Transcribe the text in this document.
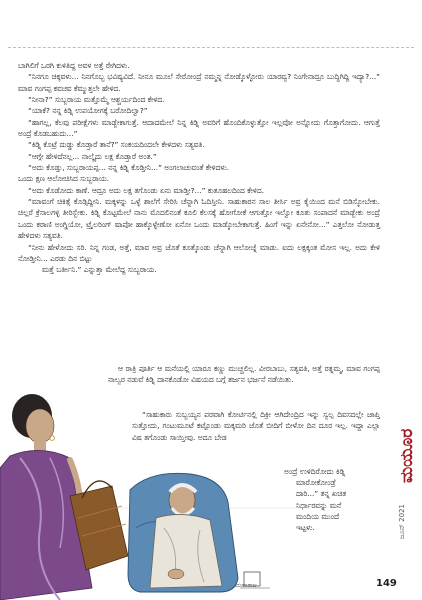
ಬಾಗಿಲಿಗೆ ಒರಗಿ ಕುಳಿತಿದ್ದ ಅವಳ ಅತ್ತೆ ರೇಗಿದಳು.

“ನಿನಗೂ ಚಿಕ್ಕವಳು... ನಿನಗೊಬ್ಬ ಭವಿಷ್ಯವಿದೆ. ನೀನೂ ಮೂಲೆ ಸೇರೋಂದ್ರೆ ನಮ್ಮನ್ನ ನೋಡ್ಕೊಳ್ಳೋರು ಯಾರವ್ವ? ನಿಂಗೇನಾದ್ರೂ ಬುದ್ಧಿಗಿದ್ದಿ ಇದ್ಯಾ?...” ಮಾವ ಗಂಗಪ್ಪ ಕವಚವ ಕೆಮ್ಮುತ್ತಲೇ ಹೇಳಿದ.

“ನೀನಾ?” ಸುಬ್ಬರಾಯ ಮತ್ತೊಮ್ಮೆ ಆಶ್ಚರ್ಯದಿಂದ ಕೇಳಿದ.

“ಯಾಕೆ? ನನ್ನ ಕಿಡ್ನಿ ಉಪಯೋಗಕ್ಕೆ ಬರೋದಿಲ್ವಾ?”

“ಹಾಗಲ್ಲ, ಕೆಲವು ಪರೀಕ್ಷೆಗಳು ಮಾಡ್ಬೇಕಾಗುತ್ತೆ. ಆದಾದಮೇಲೆ ನಿನ್ನ ಕಿಡ್ನಿ ಅವರಿಗೆ ಹೊಂದಿಕೊಳ್ಳುತ್ತೋ ಇಲ್ಲವೋ ಅನ್ನೋದು ಗೊತ್ತಾಗೋದು. ಆಗುತ್ತೆ ಅಂದ್ರೆ ಕೊಡಬಹುದು...”

“ಕಿಡ್ನಿ ಕೊಟ್ರೆ ದುಡ್ಡು ಕೊಡ್ತಾರೆ ತಾನೆ?” ಸಂಕಯದಿಂದಲೇ ಕೇಳಿದಳು ಸತ್ಯವತಿ.

“ಆಗ್ಗೇ ಹೇಳಿದೆನಲ್ಲ... ನಾಲ್ಕೈದು ಲಕ್ಷ ಕೊಡ್ತಾರೆ ಅಂತ.”

“ಅದು ಕೊಡ್ತು, ಸುಬ್ಬರಾಯಪ್ಪ... ನನ್ನ ಕಿಡ್ನಿ ಕೊಡ್ತೀನಿ...” ಅಂಗಲಾಚುವಂತೆ ಕೇಳಿದಳು.

ಒಂದು ಕ್ಷಣ ಆಲೋಚಿಸಿದ ಸುಬ್ಬರಾಯ.

“ಅದು ಕೊಡೋದು ಕಾಣೆ. ಆದ್ರೂ ಅದು ಲಕ್ಷ ತಗೊಂಡು ಏನು ಮಾಡ್ತೀ?...” ಕುತೂಹಲದಿಂದ ಕೇಳಿದ.

“ಮಾವಂಗೆ ಚಿಕಿತ್ಸೆ ಕೊಡ್ಸಿದ್ದೀನಿ. ಮಕ್ಕಳನ್ನು ಒಳ್ಳೆ ಶಾಲೆಗೆ ಸೇರಿಸಿ ಚೆನ್ನಾಗಿ ಓದಿಸ್ತೀನಿ. ಸಾಹುಕಾರನ ಸಾಲ ತೀರ್ಸಿ ಅವ್ರ ಕೈಯಿಂದ ಮನೆ ಬಿಡಿಸ್ಕೋಬೇಕು. ಚಿಲ್ಲರೆ ಕ್ರೆಸಾಲಗಳ್ಳಿ ತೀರಿಸ್ಬೇಕು. ಕಿಡ್ನಿ ಕೊಟ್ಟಮೇಲೆ ನಾನು ಮೊದಲಿನಂತೆ ಕೂಲಿ ಕೆಲಸಕ್ಕೆ ಹೋಗೋಕೆ ಆಗುತ್ತೋ ಇಲ್ವೋ ಕೂತು ಸಂಪಾದನೆ ಮಾಡ್ಬೇಕು ಅಂದ್ರೆ ಒಂದು ಕರಾಣಿ ಅಂಗ್ಡಿಯೋ, ಟ್ರೈಲರಿಂಗ್ ಷಾಪೋ ಹಾಕ್ಕೊಳ್ಳೇಣೋ ಏನೋ ಒಂದು ಮಾಡ್ಕೋಬೇಕಾಗುತ್ತೆ. ಹಿಂಗೆ ಇನ್ನು ಏನೇನೋ...” ಎತ್ತಲೋ ನೋಡುತ್ತ ಹೇಳಿದಳು ಸತ್ಯವತಿ.

“ನೀನು ಹೇಳೋದು ಸರಿ. ನಿನ್ನ ಗಂಡ, ಅತ್ತೆ, ಮಾವ ಅವ್ರ ಜೊತೆ ಕೂತ್ಕೊಂಡು ಚೆನ್ನಾಗಿ ಆಲೋಚ್ನೆ ಮಾಡು. ಐದು ಲಕ್ಷಕ್ಕಂತ ಮೋಸ ಇಲ್ಲ. ಅದು ಕೇಳಿ ನೋಡ್ತೀನಿ... ಎರಡು ದಿನ ಬಿಟ್ಟು

ಮತ್ತೆ ಬರ್ತೀನಿ.” ಎನ್ನುತ್ತಾ ಮೇಲೆದ್ದ ಸುಬ್ಬರಾಯ.

ಆ ರಾತ್ರಿ ಪೂರ್ತಿ ಆ ಮನೆಯಲ್ಲಿ ಯಾರೂ ಕಣ್ಣು ಮುಚ್ಚಲಿಲ್ಲ. ವೀರಬಾಬು, ಸತ್ಯವತಿ, ಅತ್ತೆ ರತ್ನಮ್ಮ, ಮಾವ ಗಂಗಪ್ಪ ನಾಲ್ವರ ನಡುವೆ ಕಿಡ್ನಿ ದಾನಕೊಡೋ ವಿಷಯದ ಬಗ್ಗೆ ತರ್ಜನ ಭರ್ಜನೆ ನಡೆಯಿತು.

“ಸಾಹುಕಾರು ಸುಬ್ಬಯ್ಯನ ಪರವಾಗಿ ಕೋರ್ಟಿನಲ್ಲಿ ದಿಕ್ರೀ ಆಗಿದೇಂದ್ರಿದ ಇನ್ನು ಸ್ವಲ್ಪ ದಿವಸದಲ್ಲೇ ಜಾಪ್ತಿ ಸುತ್ತೋದು, ಗಂಟುಮೂಟೆ ಕಟ್ಟೊಂಡು ಮಕ್ಕಮರಿ ಜೊತೆ ಬೀದಿಗೆ ಬೀಳೋ ದಿನ ದೂರ ಇಲ್ಲ. ಇದ್ದಾ ಎಲ್ಲಾ ವಿಷ ತಗೊಂಡು ಸಾಯ್ತೀವು. ಅದೂ ಬೇಡ

ಅಂದ್ರೆ ಉಳಿದಿರೋದು ಕಿಡ್ನಿ

ಮಾರೋಕೋಂಡ್ರೆ

ದಾರಿ...” ತನ್ನ ಖಚಿತ

ನಿರ್ಧಾರವನ್ನು ಮನೆ

ಮಂದಿಯ ಮುಂದೆ

ಇಟ್ಟಳು.

ಮಹಾರಾಜ
ಮಯೂರ
ಜೂನ್ 2021
149
